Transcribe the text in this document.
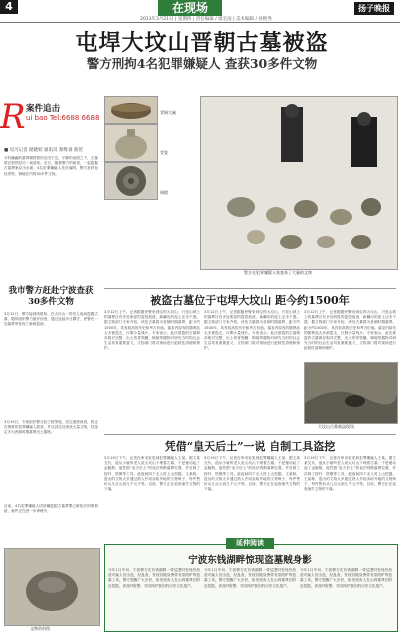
4	在现场
2013年3月21日 | 星期四 | 责任编辑 / 康宏雨 | 美术编辑 / 孙艳秀
扬子晚报
屯垾大坟山晋朝古墓被盗
警方刑拘4名犯罪嫌疑人 查获30多件文物
R 案件追击
ui bao Tel:6688 6688
青铜大碗
青瓷
铜镜
警方在犯罪嫌疑人家查获了大量的文物
■ 见习记者 储晓姣 通讯员 蔡维睿 蔡贺
平时幽幽的墓葬紧挨着的农田宁边，平静的表面之下，古墓群正悄然经历一场浩劫。近日，随着警方的侦查，一起盗掘古墓葬案浮出水面，4名犯罪嫌疑人先后落网，警方查获包括青瓷、铜镜在内的30多件文物。
我市警方赶赴宁波查获30多件文物
3月12日，警方接到线报称，在大坟山一带有人夜间盗掘古墓，随即组织警力展开侦查，通过连续多日蹲守，民警在一处墓葬旁发现了新鲜盗洞。
3月15日，专案组民警分赴宁波等地，经过缜密侦查，将正在销赃的犯罪嫌疑人抓获，并从其住处查获大量文物，经鉴定多为晋朝时期墓葬出土器物。
目前，4名犯罪嫌疑人因涉嫌盗掘古墓葬罪已被依法刑事拘留，案件正在进一步审理中。
文物资料图
被盗古墓位于屯垾大坟山 距今约1500年
3月12日上午，记者跟随民警来到屯垾大坟山，只见山坡上的墓葬区有多处明显的盗挖痕迹，新翻出的泥土还未干透。据文物部门专家介绍，该处古墓群为晋朝时期墓葬，距今约1500年，具有较高的历史和考古价值。墓室内原有的随葬品大多被盗走，仅剩少量残片。专家表示，此次被盗的古墓保存相对完整，出土的青瓷罐、铜镜等器物对研究当时的社会生活具有重要意义，文物部门将对现场进行抢救性清理和保护。
3月12日上午，记者跟随民警来到屯垾大坟山，只见山坡上的墓葬区有多处明显的盗挖痕迹，新翻出的泥土还未干透。据文物部门专家介绍，该处古墓群为晋朝时期墓葬，距今约1500年，具有较高的历史和考古价值。墓室内原有的随葬品大多被盗走，仅剩少量残片。专家表示，此次被盗的古墓保存相对完整，出土的青瓷罐、铜镜等器物对研究当时的社会生活具有重要意义，文物部门将对现场进行抢救性清理和保护。
3月12日上午，记者跟随民警来到屯垾大坟山，只见山坡上的墓葬区有多处明显的盗挖痕迹，新翻出的泥土还未干透。据文物部门专家介绍，该处古墓群为晋朝时期墓葬，距今约1500年，具有较高的历史和考古价值。墓室内原有的随葬品大多被盗走，仅剩少量残片。专家表示，此次被盗的古墓保存相对完整，出土的青瓷罐、铜镜等器物对研究当时的社会生活具有重要意义，文物部门将对现场进行抢救性清理和保护。
大坟山古墓被盗现场
凭借“皇天后土”一说 自制工具盗挖
3月19日下午，记者在审讯室见到犯罪嫌疑人王某。据王某交代，他从小就听老人说大坟山下埋着古墓，于是便动起了歪脑筋。他凭借“皇天后土”的说法判断墓葬位置，并自制了探杆、铁锹等工具，趁夜间四下无人时上山挖掘。王某称，盗出的文物大多通过熟人介绍卖给外地的文物贩子，每件售价从几百元到几千元不等。目前，警方正在追查流失文物的下落。
3月19日下午，记者在审讯室见到犯罪嫌疑人王某。据王某交代，他从小就听老人说大坟山下埋着古墓，于是便动起了歪脑筋。他凭借“皇天后土”的说法判断墓葬位置，并自制了探杆、铁锹等工具，趁夜间四下无人时上山挖掘。王某称，盗出的文物大多通过熟人介绍卖给外地的文物贩子，每件售价从几百元到几千元不等。目前，警方正在追查流失文物的下落。
3月19日下午，记者在审讯室见到犯罪嫌疑人王某。据王某交代，他从小就听老人说大坟山下埋着古墓，于是便动起了歪脑筋。他凭借“皇天后土”的说法判断墓葬位置，并自制了探杆、铁锹等工具，趁夜间四下无人时上山挖掘。王某称，盗出的文物大多通过熟人介绍卖给外地的文物贩子，每件售价从几百元到几千元不等。目前，警方正在追查流失文物的下落。
延伸阅读
宁波东钱湖畔惊现盗墓贼身影
今年1月中旬，宁波警方在东钱湖畔一带巡逻时发现有形迹可疑人员出没，经盘查，发现其随身携带有洛阳铲等盗墓工具。警方提醒广大市民，如发现有人在山林墓葬区附近挖掘，请及时报警，共同保护我们的历史文化遗产。
今年1月中旬，宁波警方在东钱湖畔一带巡逻时发现有形迹可疑人员出没，经盘查，发现其随身携带有洛阳铲等盗墓工具。警方提醒广大市民，如发现有人在山林墓葬区附近挖掘，请及时报警，共同保护我们的历史文化遗产。
今年1月中旬，宁波警方在东钱湖畔一带巡逻时发现有形迹可疑人员出没，经盘查，发现其随身携带有洛阳铲等盗墓工具。警方提醒广大市民，如发现有人在山林墓葬区附近挖掘，请及时报警，共同保护我们的历史文化遗产。
